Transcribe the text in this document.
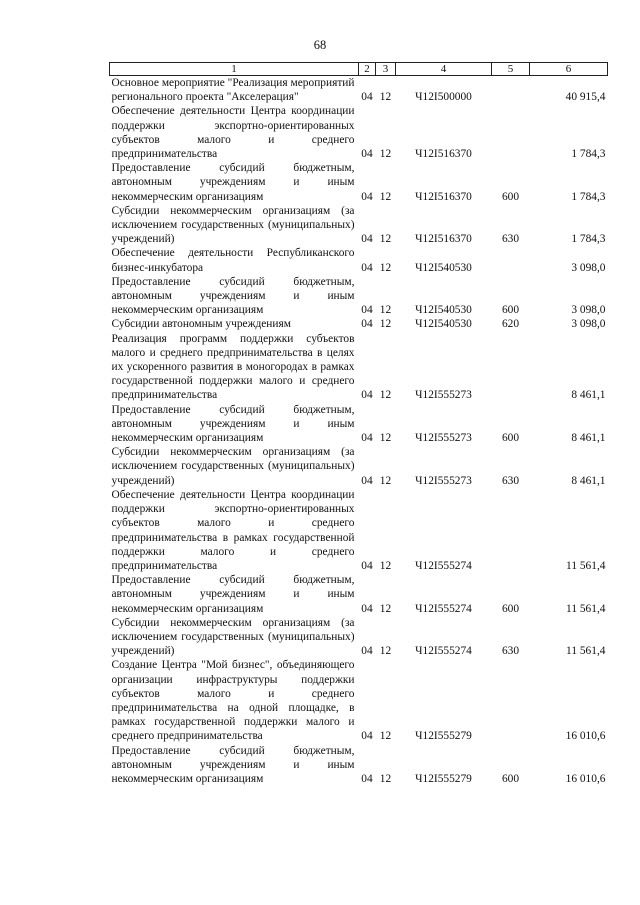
68
1	2	3	4	5	6
Основное мероприятие "Реализация мероприятий регионального проекта "Акселерация"	04	12	Ч12I500000		40 915,4
Обеспечение деятельности Центра координации поддержки экспортно-ориентированных субъектов малого и среднего предпринимательства	04	12	Ч12I516370		1 784,3
Предоставление субсидий бюджетным, автономным учреждениям и иным некоммерческим организациям	04	12	Ч12I516370	600	1 784,3
Субсидии некоммерческим организациям (за исключением государственных (муниципальных) учреждений)	04	12	Ч12I516370	630	1 784,3
Обеспечение деятельности Республиканского бизнес-инкубатора	04	12	Ч12I540530		3 098,0
Предоставление субсидий бюджетным, автономным учреждениям и иным некоммерческим организациям	04	12	Ч12I540530	600	3 098,0
Субсидии автономным учреждениям	04	12	Ч12I540530	620	3 098,0
Реализация программ поддержки субъектов малого и среднего предпринимательства в целях их ускоренного развития в моногородах в рамках государственной поддержки малого и среднего предпринимательства	04	12	Ч12I555273		8 461,1
Предоставление субсидий бюджетным, автономным учреждениям и иным некоммерческим организациям	04	12	Ч12I555273	600	8 461,1
Субсидии некоммерческим организациям (за исключением государственных (муниципальных) учреждений)	04	12	Ч12I555273	630	8 461,1
Обеспечение деятельности Центра координации поддержки экспортно-ориентированных субъектов малого и среднего предпринимательства в рамках государственной поддержки малого и среднего предпринимательства	04	12	Ч12I555274		11 561,4
Предоставление субсидий бюджетным, автономным учреждениям и иным некоммерческим организациям	04	12	Ч12I555274	600	11 561,4
Субсидии некоммерческим организациям (за исключением государственных (муниципальных) учреждений)	04	12	Ч12I555274	630	11 561,4
Создание Центра "Мой бизнес", объединяющего организации инфраструктуры поддержки субъектов малого и среднего предпринимательства на одной площадке, в рамках государственной поддержки малого и среднего предпринимательства	04	12	Ч12I555279		16 010,6
Предоставление субсидий бюджетным, автономным учреждениям и иным некоммерческим организациям	04	12	Ч12I555279	600	16 010,6
